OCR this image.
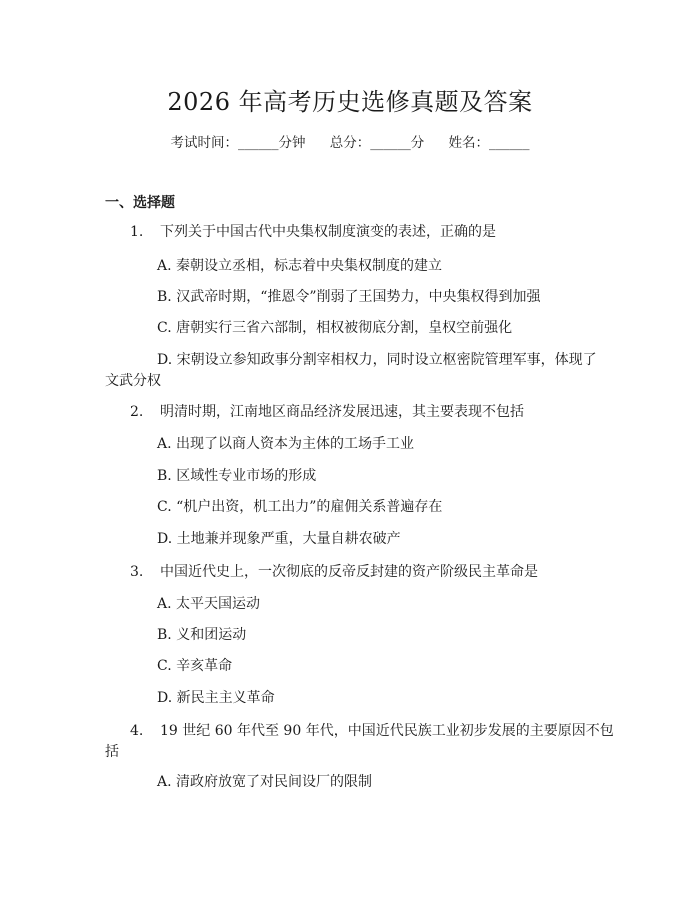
2026 年高考历史选修真题及答案
考试时间：______分钟 总分：______分 姓名：______
一、选择题
1. 下列关于中国古代中央集权制度演变的表述，正确的是
A. 秦朝设立丞相，标志着中央集权制度的建立
B. 汉武帝时期，“推恩令”削弱了王国势力，中央集权得到加强
C. 唐朝实行三省六部制，相权被彻底分割，皇权空前强化
D. 宋朝设立参知政事分割宰相权力，同时设立枢密院管理军事，体现了
文武分权
2. 明清时期，江南地区商品经济发展迅速，其主要表现不包括
A. 出现了以商人资本为主体的工场手工业
B. 区域性专业市场的形成
C. “机户出资，机工出力”的雇佣关系普遍存在
D. 土地兼并现象严重，大量自耕农破产
3. 中国近代史上，一次彻底的反帝反封建的资产阶级民主革命是
A. 太平天国运动
B. 义和团运动
C. 辛亥革命
D. 新民主主义革命
4. 19 世纪 60 年代至 90 年代，中国近代民族工业初步发展的主要原因不包
括
A. 清政府放宽了对民间设厂的限制
